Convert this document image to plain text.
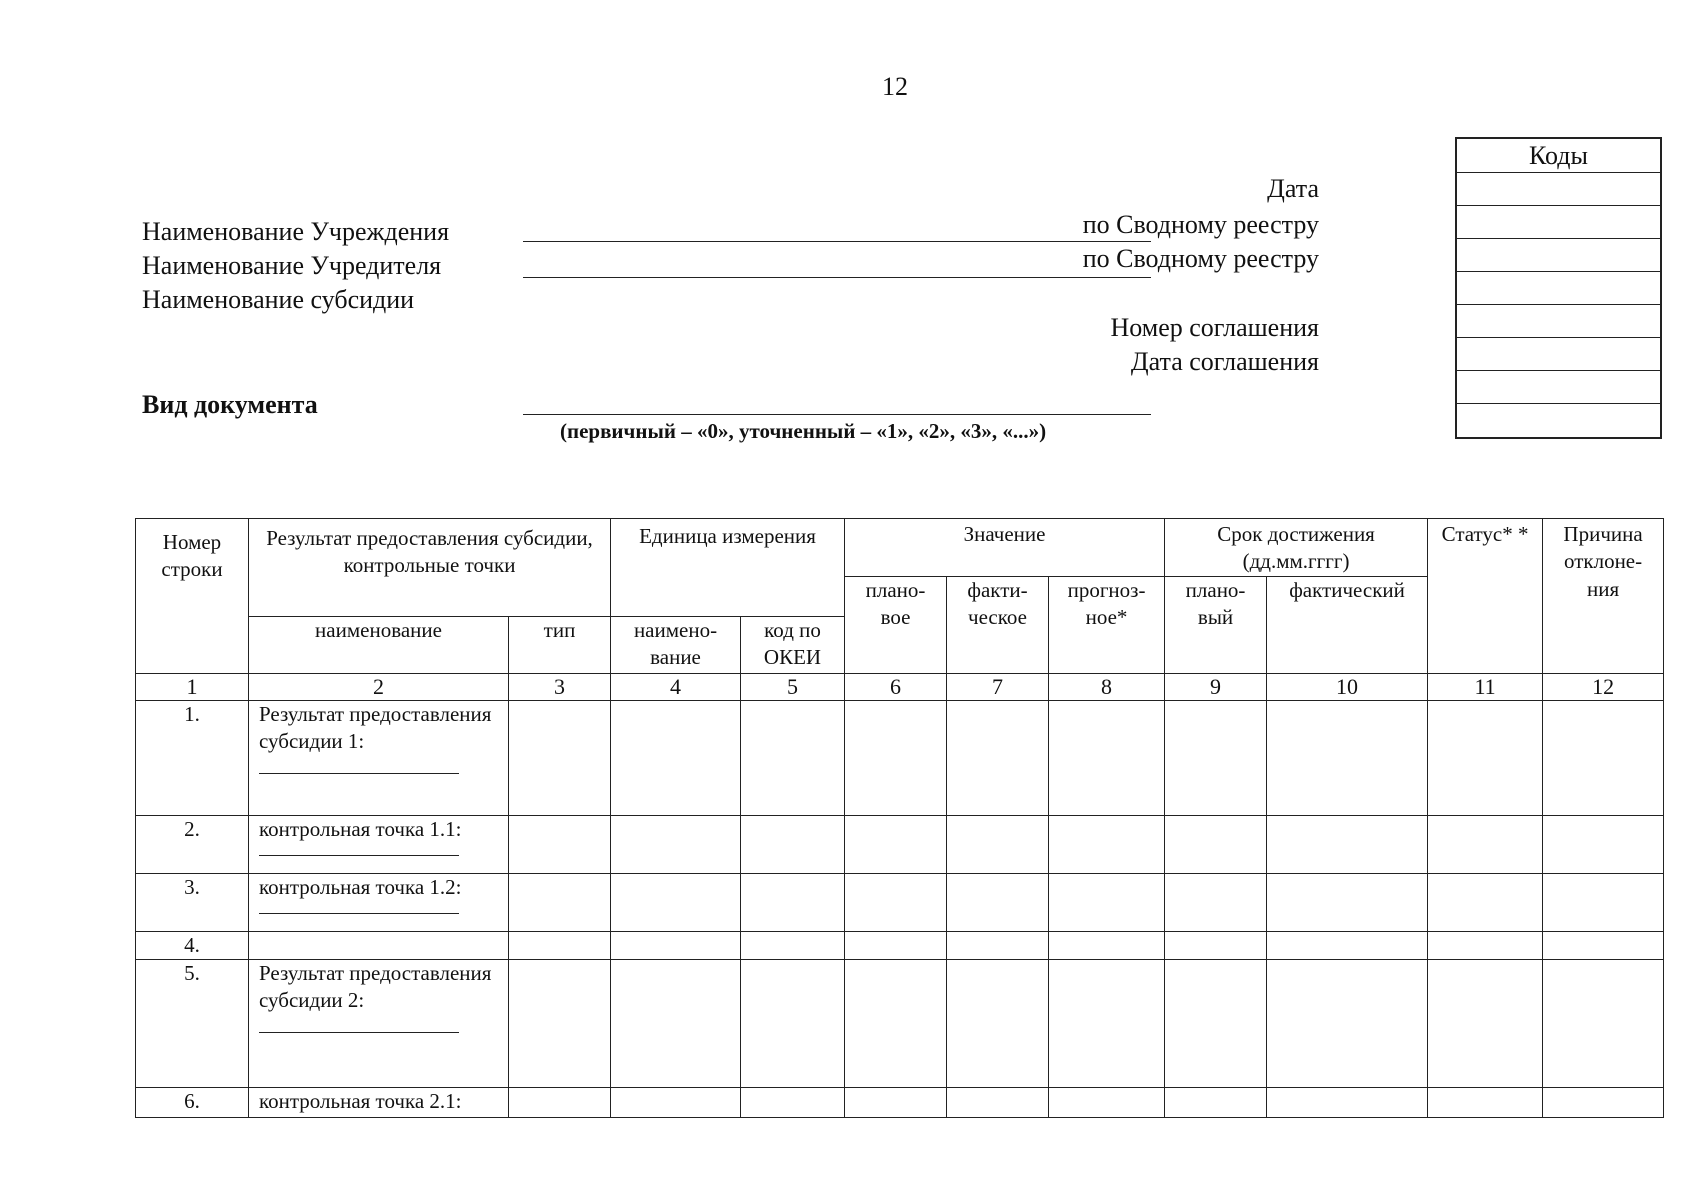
12
Наименование Учреждения
Наименование Учредителя
Наименование субсидии
Вид документа
(первичный – «0», уточненный – «1», «2», «3», «...»)
Дата
по Сводному реестру
по Сводному реестру
Номер соглашения
Дата соглашения
Коды
Номер строки	Результат предоставления субсидии, контрольные точки		Единица измерения		Значение			Срок достижения (дд.мм.гггг)		Статус* *	Причина отклоне- ния
					плано- вое	факти- ческое	прогноз- ное*	плано- вый	фактический		
	наименование	тип	наимено- вание	код по ОКЕИ							
1	2	3	4	5	6	7	8	9	10	11	12
1.	Результат предоставления субсидии 1:

2.	контрольная точка 1.1:

3.	контрольная точка 1.2:

4.											
5.	Результат предоставления субсидии 2:

6.	контрольная точка 2.1:										
